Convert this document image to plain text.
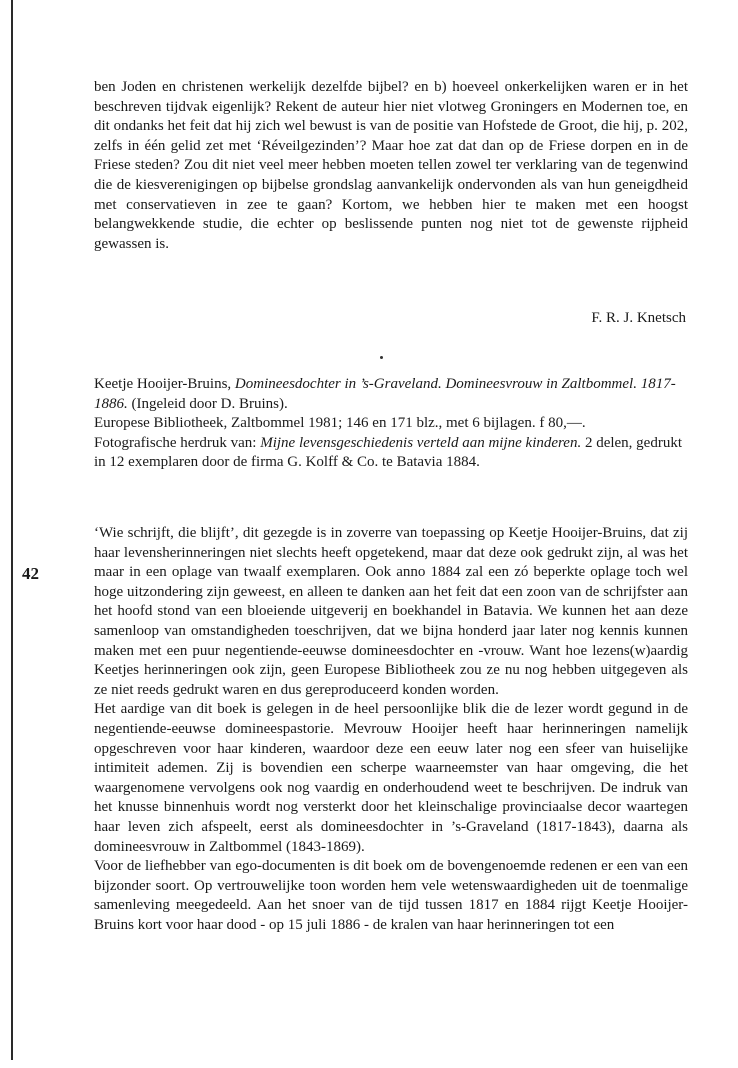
42

ben Joden en christenen werkelijk dezelfde bijbel? en b) hoeveel onkerkelijken waren er in het beschreven tijdvak eigenlijk? Rekent de auteur hier niet vlotweg Groningers en Modernen toe, en dit ondanks het feit dat hij zich wel bewust is van de positie van Hofstede de Groot, die hij, p. 202, zelfs in één gelid zet met ‘Réveilgezinden’? Maar hoe zat dat dan op de Friese dorpen en in de Friese steden? Zou dit niet veel meer hebben moeten tellen zowel ter verklaring van de tegenwind die de kiesverenigingen op bijbelse grondslag aanvankelijk ondervonden als van hun geneigdheid met conservatieven in zee te gaan? Kortom, we hebben hier te maken met een hoogst belangwekkende studie, die echter op beslissende punten nog niet tot de gewenste rijpheid gewassen is.

F. R. J. Knetsch

Keetje Hooijer-Bruins, Domineesdochter in ’s-Graveland. Domineesvrouw in Zaltbommel. 1817-1886. (Ingeleid door D. Bruins).

Europese Bibliotheek, Zaltbommel 1981; 146 en 171 blz., met 6 bijlagen. f 80,—.

Fotografische herdruk van: Mijne levensgeschiedenis verteld aan mijne kinderen. 2 delen, gedrukt in 12 exemplaren door de firma G. Kolff & Co. te Batavia 1884.

‘Wie schrijft, die blijft’, dit gezegde is in zoverre van toepassing op Keetje Hooijer-Bruins, dat zij haar levensherinneringen niet slechts heeft opgetekend, maar dat deze ook gedrukt zijn, al was het maar in een oplage van twaalf exemplaren. Ook anno 1884 zal een zó beperkte oplage toch wel hoge uitzondering zijn geweest, en alleen te danken aan het feit dat een zoon van de schrijfster aan het hoofd stond van een bloeiende uitgeverij en boekhandel in Batavia. We kunnen het aan deze samenloop van omstandigheden toeschrijven, dat we bijna honderd jaar later nog kennis kunnen maken met een puur negentiende-eeuwse domineesdochter en -vrouw. Want hoe lezens(w)aardig Keetjes herinneringen ook zijn, geen Europese Bibliotheek zou ze nu nog hebben uitgegeven als ze niet reeds gedrukt waren en dus gereproduceerd konden worden.

Het aardige van dit boek is gelegen in de heel persoonlijke blik die de lezer wordt gegund in de negentiende-eeuwse domineespastorie. Mevrouw Hooijer heeft haar herinneringen namelijk opgeschreven voor haar kinderen, waardoor deze een eeuw later nog een sfeer van huiselijke intimiteit ademen. Zij is bovendien een scherpe waarneemster van haar omgeving, die het waargenomene vervolgens ook nog vaardig en onderhoudend weet te beschrijven. De indruk van het knusse binnenhuis wordt nog versterkt door het kleinschalige provinciaalse decor waartegen haar leven zich afspeelt, eerst als domineesdochter in ’s-Graveland (1817-1843), daarna als domineesvrouw in Zaltbommel (1843-1869).

Voor de liefhebber van ego-documenten is dit boek om de bovengenoemde redenen er een van een bijzonder soort. Op vertrouwelijke toon worden hem vele wetenswaardigheden uit de toenmalige samenleving meegedeeld. Aan het snoer van de tijd tussen 1817 en 1884 rijgt Keetje Hooijer-Bruins kort voor haar dood - op 15 juli 1886 - de kralen van haar herinneringen tot een
